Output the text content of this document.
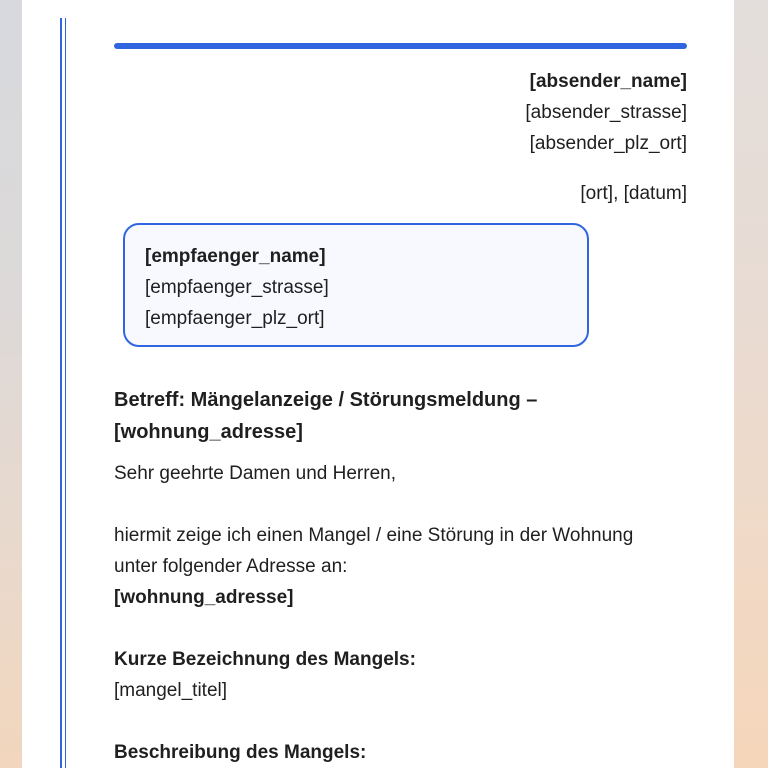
[absender_name]
[absender_strasse]
[absender_plz_ort]
[ort], [datum]
[empfaenger_name]
[empfaenger_strasse]
[empfaenger_plz_ort]
Betreff: Mängelanzeige / Störungsmeldung –
[wohnung_adresse]

Sehr geehrte Damen und Herren,

hiermit zeige ich einen Mangel / eine Störung in der Wohnung

unter folgender Adresse an:

[wohnung_adresse]

Kurze Bezeichnung des Mangels:

[mangel_titel]

Beschreibung des Mangels:
